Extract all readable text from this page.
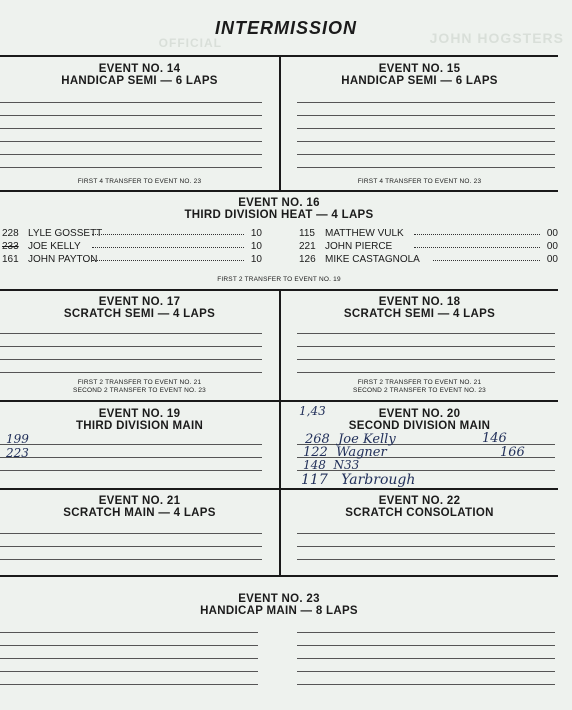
JOHN HOGSTERS
OFFICIAL
INTERMISSION
EVENT NO. 14
HANDICAP SEMI — 6 LAPS
FIRST 4 TRANSFER TO EVENT NO. 23
EVENT NO. 15
HANDICAP SEMI — 6 LAPS
FIRST 4 TRANSFER TO EVENT NO. 23
EVENT NO. 16
THIRD DIVISION HEAT — 4 LAPS
228 LYLE GOSSETT	10
233 JOE KELLY	10
161 JOHN PAYTON	10
115 MATTHEW VULK	00
221 JOHN PIERCE	00
126 MIKE CASTAGNOLA	00
FIRST 2 TRANSFER TO EVENT NO. 19
EVENT NO. 17
SCRATCH SEMI — 4 LAPS
FIRST 2 TRANSFER TO EVENT NO. 21
SECOND 2 TRANSFER TO EVENT NO. 23
EVENT NO. 18
SCRATCH SEMI — 4 LAPS
FIRST 2 TRANSFER TO EVENT NO. 21
SECOND 2 TRANSFER TO EVENT NO. 23
EVENT NO. 19
THIRD DIVISION MAIN
199
223
1,43	EVENT NO. 20
SECOND DIVISION MAIN
268 Joe Kelly	146
122 Wagner	166
148 N33
117 Yarbrough
EVENT NO. 21
SCRATCH MAIN — 4 LAPS
EVENT NO. 22
SCRATCH CONSOLATION
EVENT NO. 23
HANDICAP MAIN — 8 LAPS
